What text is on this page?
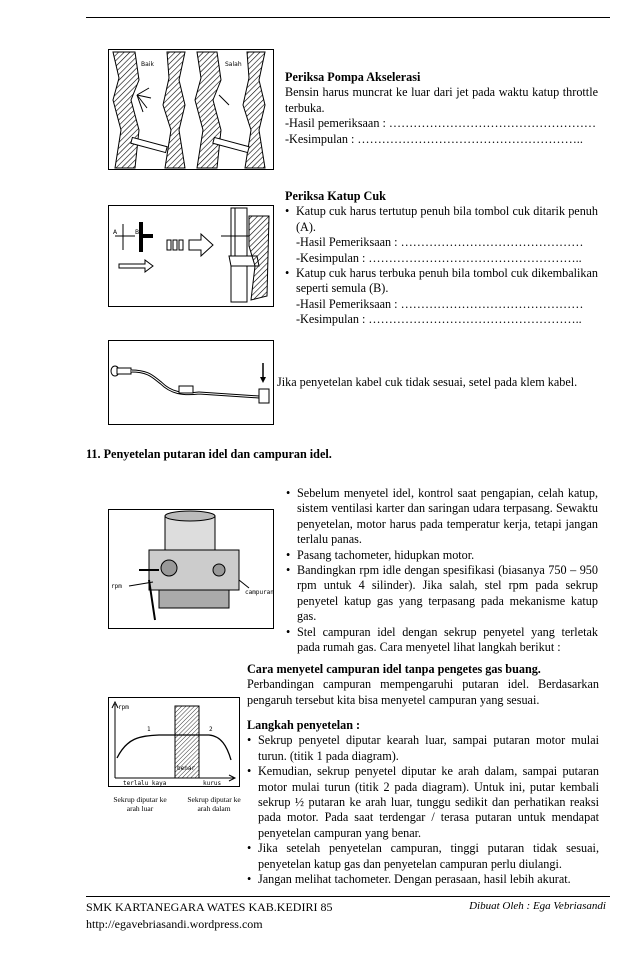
Baik	Salah
Periksa Pompa Akselerasi
Bensin harus muncrat ke luar dari jet pada waktu katup throttle terbuka.
-Hasil pemeriksaan : ……………………………………………
-Kesimpulan : ………………………………………………..
A	B
Periksa Katup Cuk
• Katup cuk harus tertutup penuh bila tombol cuk ditarik penuh (A).
-Hasil Pemeriksaan : ………………………………………
-Kesimpulan : ……………………………………………..
• Katup cuk harus terbuka penuh bila tombol cuk dikembalikan seperti semula (B).
-Hasil Pemeriksaan : ………………………………………
-Kesimpulan : ……………………………………………..
Jika penyetelan kabel cuk tidak sesuai, setel pada klem kabel.
11. Penyetelan putaran idel dan campuran idel.
rpm
campuran
• Sebelum menyetel idel, kontrol saat pengapian, celah katup, sistem ventilasi karter dan saringan udara terpasang. Sewaktu penyetelan, motor harus pada temperatur kerja, tetapi jangan terlalu panas.
• Pasang tachometer, hidupkan motor.
• Bandingkan rpm idle dengan spesifikasi (biasanya 750 – 950 rpm untuk 4 silinder). Jika salah, stel rpm pada sekrup penyetel katup gas yang terpasang pada mekanisme katup gas.
• Stel campuran idel dengan sekrup penyetel yang terletak pada rumah gas. Cara menyetel lihat langkah berikut :
Cara menyetel campuran idel tanpa pengetes gas buang.
Perbandingan campuran mempengaruhi putaran idel. Berdasarkan pengaruh tersebut kita bisa menyetel campuran yang sesuai.
rpm
1	2
benar
terlalu kaya	kurus
Sekrup diputar ke arah luar
Sekrup diputar ke arah dalam
Langkah penyetelan :
• Sekrup penyetel diputar kearah luar, sampai putaran motor mulai turun. (titik 1 pada diagram).
• Kemudian, sekrup penyetel diputar ke arah dalam, sampai putaran motor mulai turun (titik 2 pada diagram). Untuk ini, putar kembali sekrup ½ putaran ke arah luar, tunggu sedikit dan perhatikan reaksi pada motor. Pada saat terdengar / terasa putaran untuk mendapat penyetelan campuran yang benar.
• Jika setelah penyetelan campuran, tinggi putaran tidak sesuai, penyetelan katup gas dan penyetelan campuran perlu diulangi.
• Jangan melihat tachometer. Dengan perasaan, hasil lebih akurat.
SMK KARTANEGARA WATES KAB.KEDIRI 85	Dibuat Oleh : Ega Vebriasandi
http://egavebriasandi.wordpress.com
